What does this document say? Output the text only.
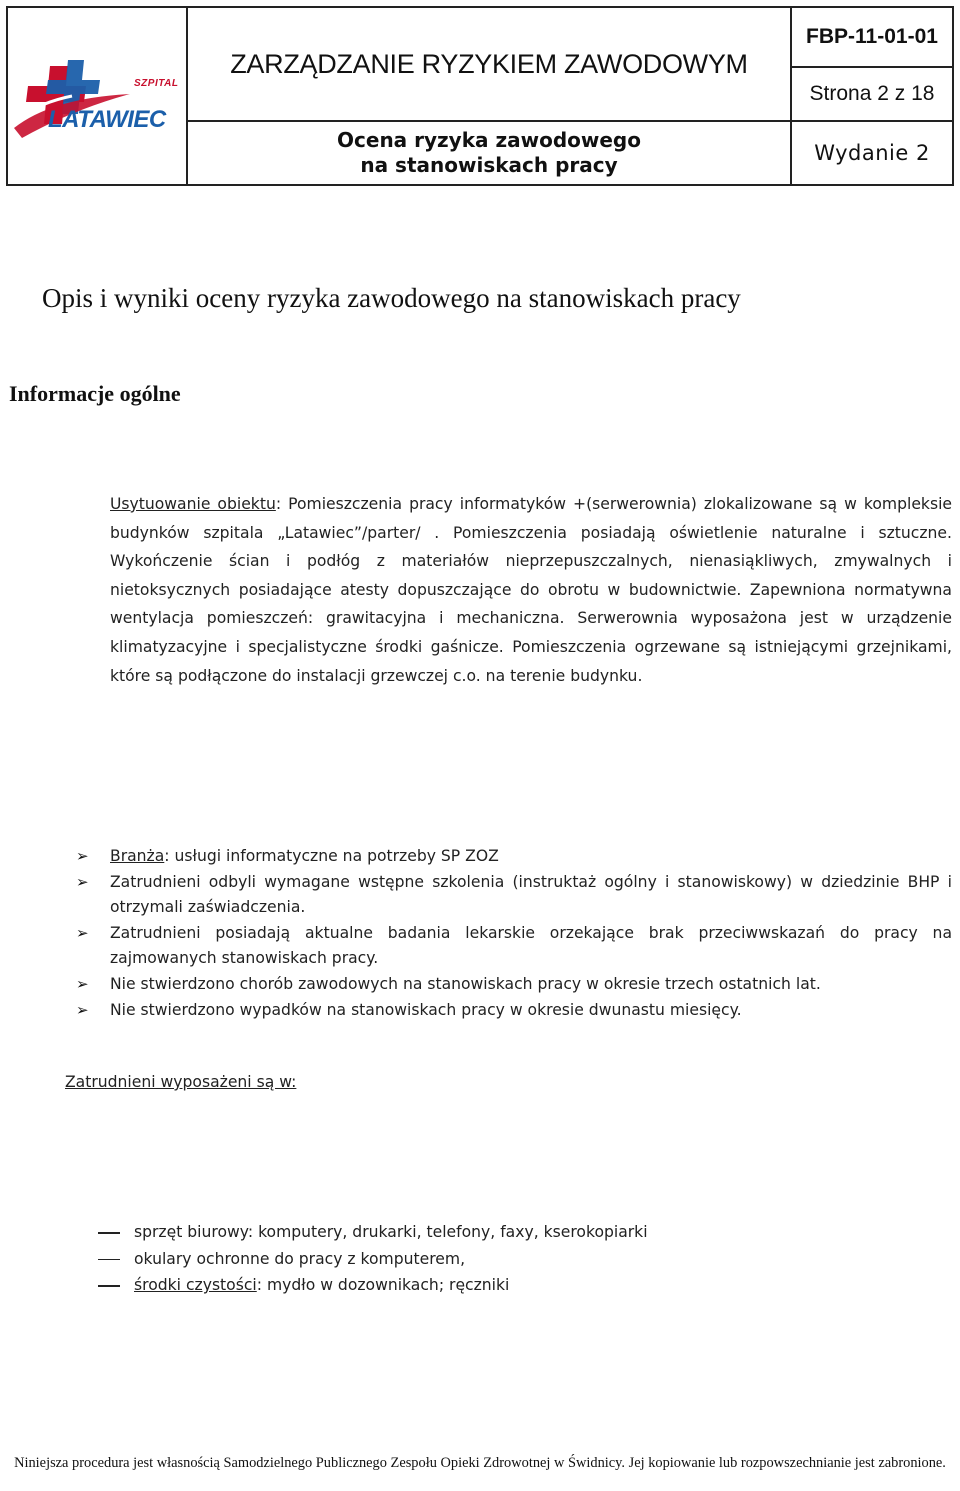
SZPITAL
LATAWIEC
ZARZĄDZANIE RYZYKIEM ZAWODOWYM
Ocena ryzyka zawodowego
na stanowiskach pracy
FBP-11-01-01
Strona 2 z 18
Wydanie 2
Opis i wyniki oceny ryzyka zawodowego na stanowiskach pracy
Informacje ogólne

Usytuowanie obiektu: Pomieszczenia pracy informatyków +(serwerownia) zlokalizowane są w kompleksie budynków szpitala „Latawiec”/parter/ . Pomieszczenia posiadają oświetlenie naturalne i sztuczne. Wykończenie ścian i podłóg z materiałów nieprzepuszczalnych, nienasiąkliwych, zmywalnych i nietoksycznych posiadające atesty dopuszczające do obrotu w budownictwie. Zapewniona normatywna wentylacja pomieszczeń: grawitacyjna i mechaniczna. Serwerownia wyposażona jest w urządzenie klimatyzacyjne i specjalistyczne środki gaśnicze. Pomieszczenia ogrzewane są istniejącymi grzejnikami, które są podłączone do instalacji grzewczej c.o. na terenie budynku.

➢ Branża: usługi informatyczne na potrzeby SP ZOZ
➢ Zatrudnieni odbyli wymagane wstępne szkolenia (instruktaż ogólny i stanowiskowy) w dziedzinie BHP i otrzymali zaświadczenia.
➢ Zatrudnieni posiadają aktualne badania lekarskie orzekające brak przeciwwskazań do pracy na zajmowanych stanowiskach pracy.
➢ Nie stwierdzono chorób zawodowych na stanowiskach pracy w okresie trzech ostatnich lat.
➢ Nie stwierdzono wypadków na stanowiskach pracy w okresie dwunastu miesięcy.
Zatrudnieni wyposażeni są w:
sprzęt biurowy: komputery, drukarki, telefony, faxy, kserokopiarki
okulary ochronne do pracy z komputerem,
środki czystości: mydło w dozownikach; ręczniki
Niniejsza procedura jest własnością Samodzielnego Publicznego Zespołu Opieki Zdrowotnej w Świdnicy. Jej kopiowanie lub rozpowszechnianie jest zabronione.
